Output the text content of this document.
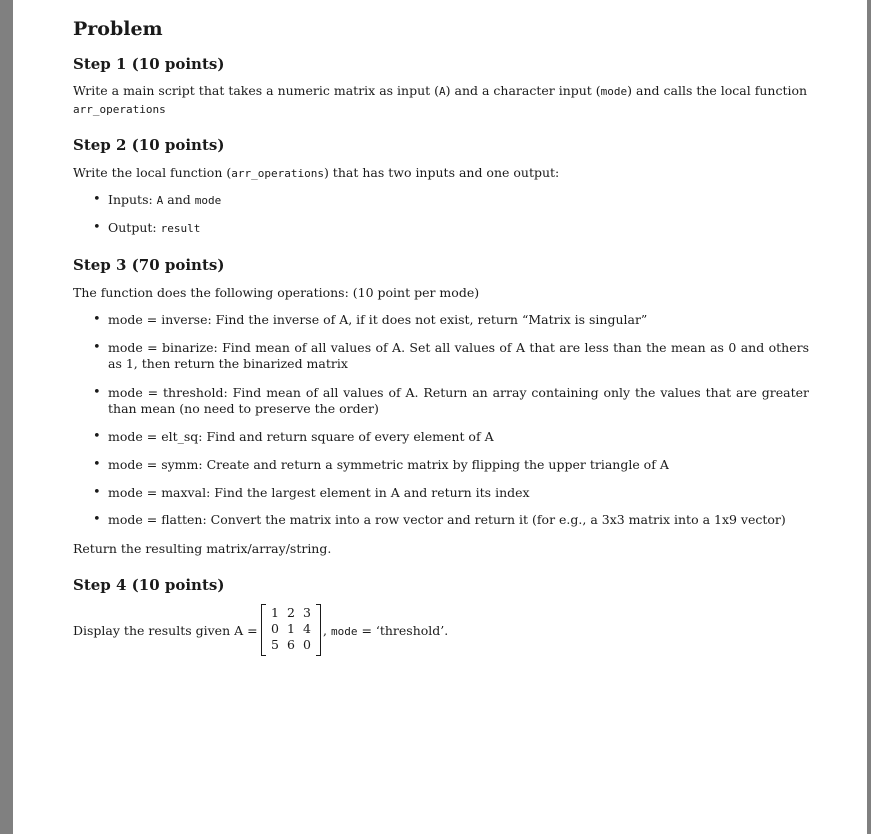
Problem
Step 1 (10 points)
Write a main script that takes a numeric matrix as input (A) and a character input (mode) and calls the local function
arr_operations
Step 2 (10 points)
Write the local function (arr_operations) that has two inputs and one output:
• Inputs: A and mode
• Output: result
Step 3 (70 points)
The function does the following operations: (10 point per mode)
• mode = inverse: Find the inverse of A, if it does not exist, return “Matrix is singular”
• mode = binarize: Find mean of all values of A. Set all values of A that are less than the mean as 0 and others as 1, then return the binarized matrix
• mode = threshold: Find mean of all values of A. Return an array containing only the values that are greater than mean (no need to preserve the order)
• mode = elt_sq: Find and return square of every element of A
• mode = symm: Create and return a symmetric matrix by flipping the upper triangle of A
• mode = maxval: Find the largest element in A and return its index
• mode = flatten: Convert the matrix into a row vector and return it (for e.g., a 3x3 matrix into a 1x9 vector)
Return the resulting matrix/array/string.
Step 4 (10 points)
Display the results given A =
1 2 3
0 1 4
5 6 0
, mode = ‘threshold’.
